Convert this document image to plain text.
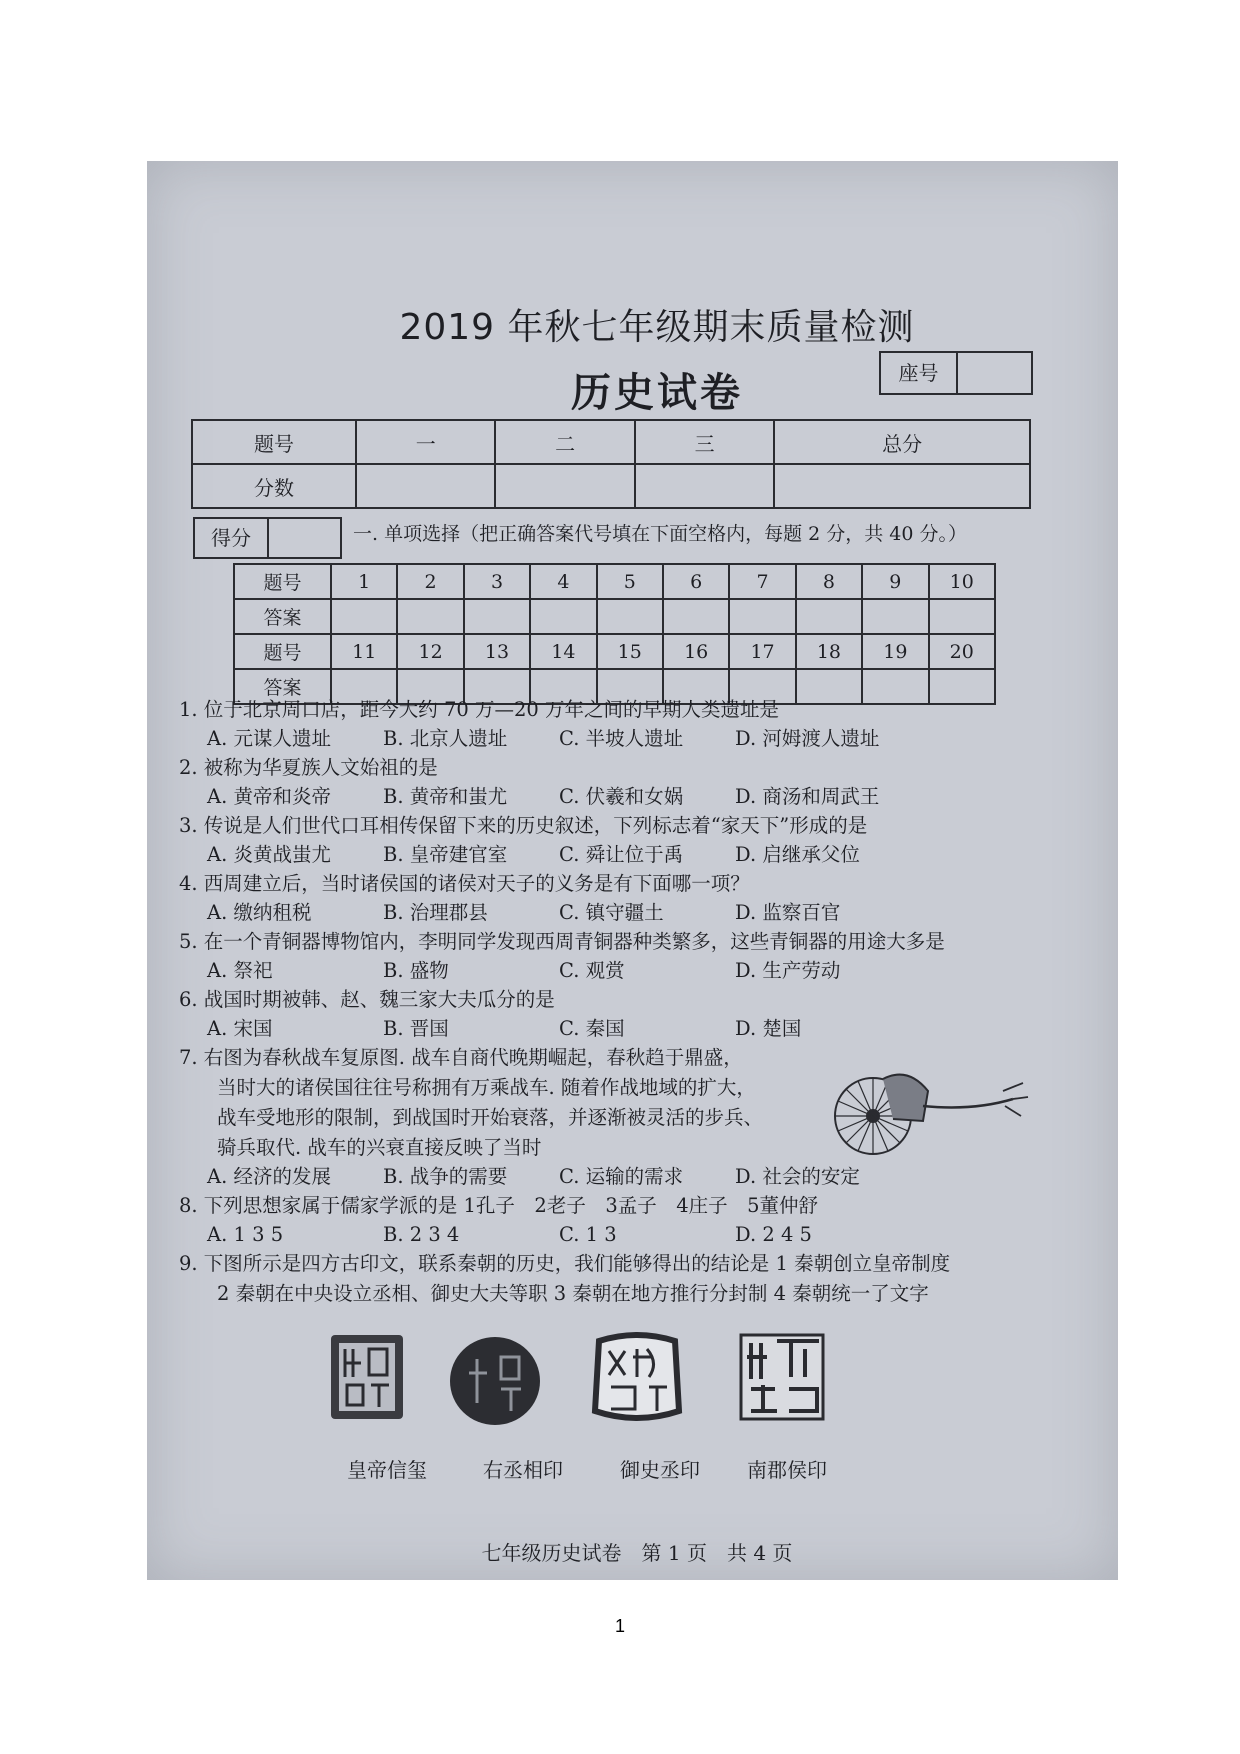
2019 年秋七年级期末质量检测
历史试卷	座号
题号	一	二	三	总分
分数				
得分	一. 单项选择（把正确答案代号填在下面空格内，每题 2 分，共 40 分。）
题号	1	2	3	4	5	6	7	8	9	10
答案										
题号	11	12	13	14	15	16	17	18	19	20
答案										
1. 位于北京周口店，距今大约 70 万—20 万年之间的早期人类遗址是
A. 元谋人遗址	B. 北京人遗址	C. 半坡人遗址	D. 河姆渡人遗址
2. 被称为华夏族人文始祖的是
A. 黄帝和炎帝	B. 黄帝和蚩尤	C. 伏羲和女娲	D. 商汤和周武王
3. 传说是人们世代口耳相传保留下来的历史叙述，下列标志着“家天下”形成的是
A. 炎黄战蚩尤	B. 皇帝建官室	C. 舜让位于禹	D. 启继承父位
4. 西周建立后，当时诸侯国的诸侯对天子的义务是有下面哪一项？
A. 缴纳租税	B. 治理郡县	C. 镇守疆土	D. 监察百官
5. 在一个青铜器博物馆内，李明同学发现西周青铜器种类繁多，这些青铜器的用途大多是
A. 祭祀	B. 盛物	C. 观赏	D. 生产劳动
6. 战国时期被韩、赵、魏三家大夫瓜分的是
A. 宋国	B. 晋国	C. 秦国	D. 楚国
7. 右图为春秋战车复原图. 战车自商代晚期崛起，春秋趋于鼎盛，
当时大的诸侯国往往号称拥有万乘战车. 随着作战地域的扩大，
战车受地形的限制，到战国时开始衰落，并逐渐被灵活的步兵、
骑兵取代. 战车的兴衰直接反映了当时
A. 经济的发展	B. 战争的需要	C. 运输的需求	D. 社会的安定
8. 下列思想家属于儒家学派的是 1孔子　2老子　3孟子　4庄子　5董仲舒
A. 1 3 5	B. 2 3 4	C. 1 3	D. 2 4 5
9. 下图所示是四方古印文，联系秦朝的历史，我们能够得出的结论是 1 秦朝创立皇帝制度
2 秦朝在中央设立丞相、御史大夫等职 3 秦朝在地方推行分封制 4 秦朝统一了文字
皇帝信玺	右丞相印	御史丞印 南郡侯印
七年级历史试卷　第 1 页　共 4 页
1
